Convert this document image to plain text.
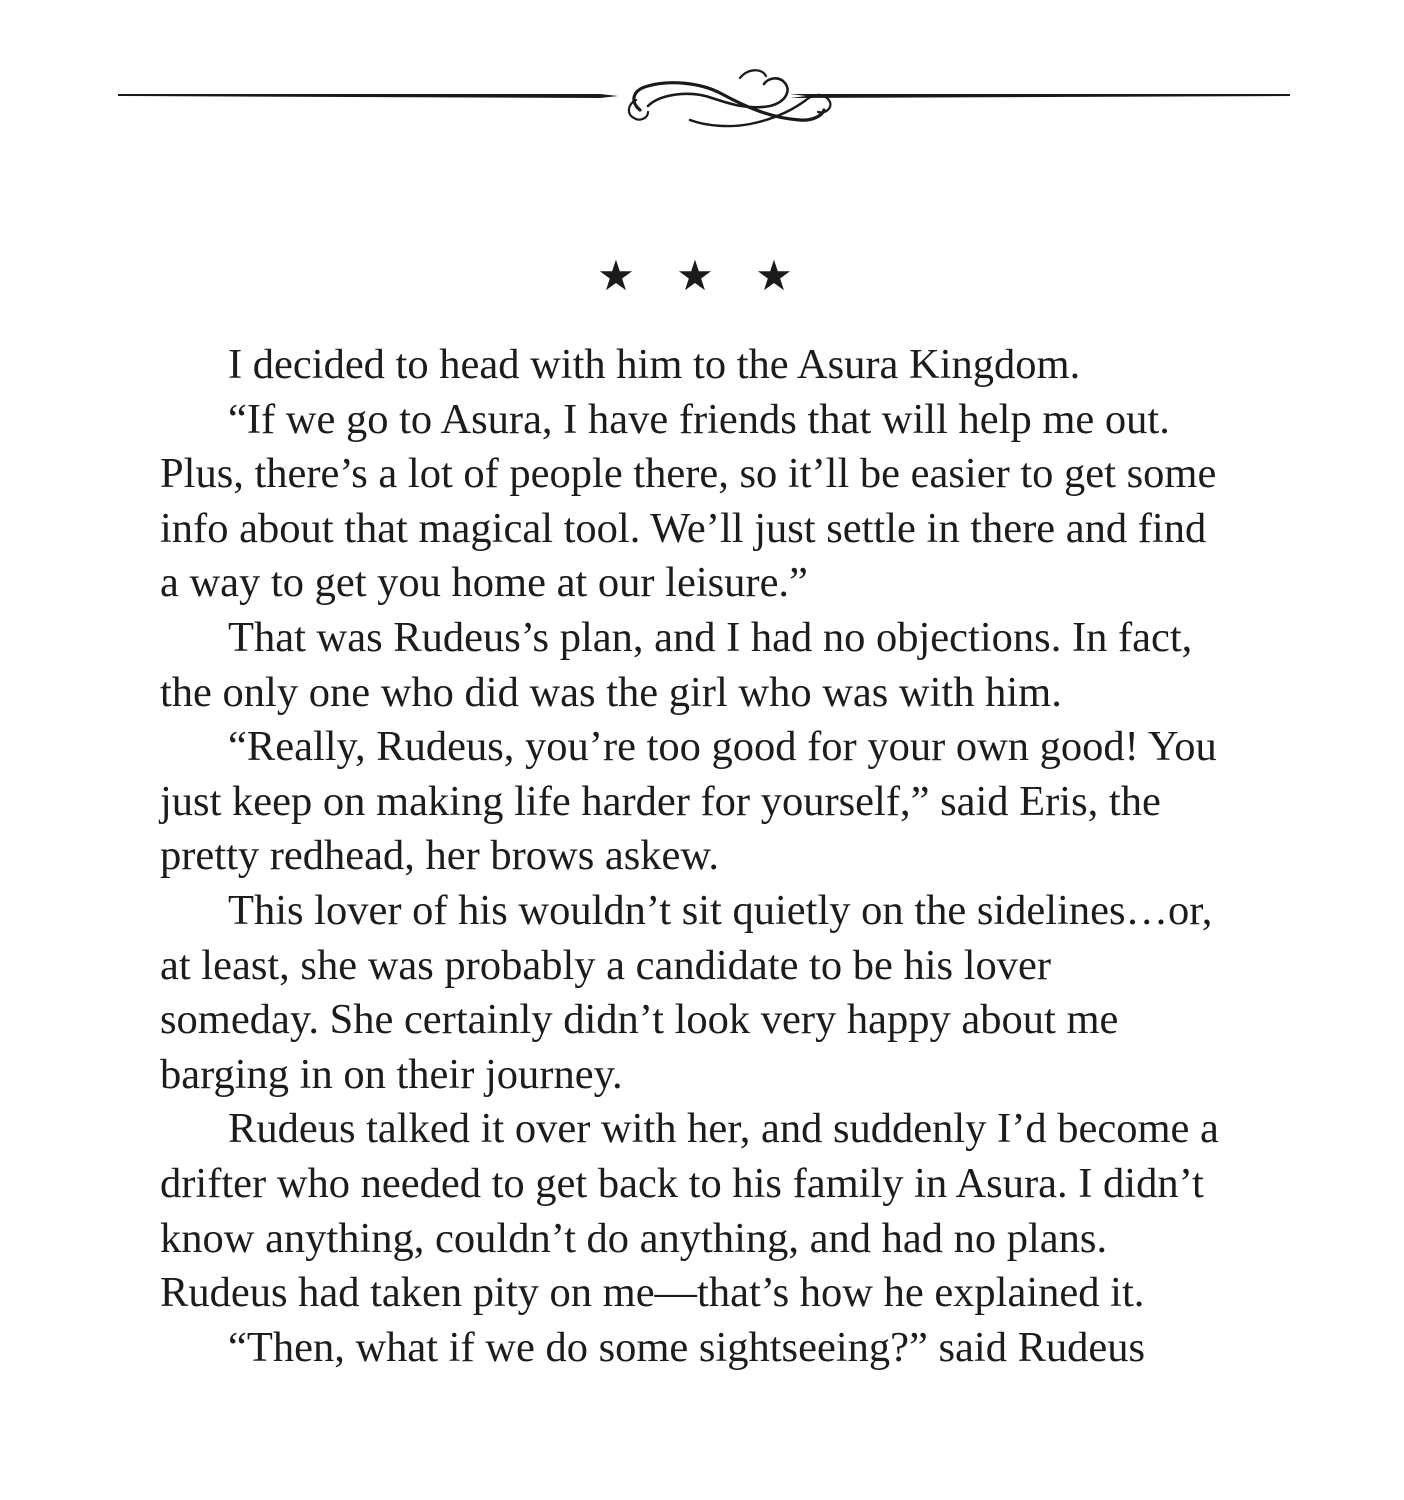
★ ★ ★

I decided to head with him to the Asura Kingdom.

“If we go to Asura, I have friends that will help me out. Plus, there’s a lot of people there, so it’ll be easier to get some info about that magical tool. We’ll just settle in there and find a way to get you home at our leisure.”

That was Rudeus’s plan, and I had no objections. In fact, the only one who did was the girl who was with him.

“Really, Rudeus, you’re too good for your own good! You just keep on making life harder for yourself,” said Eris, the pretty redhead, her brows askew.

This lover of his wouldn’t sit quietly on the sidelines…or, at least, she was probably a candidate to be his lover someday. She certainly didn’t look very happy about me barging in on their journey.

Rudeus talked it over with her, and suddenly I’d become a drifter who needed to get back to his family in Asura. I didn’t know anything, couldn’t do anything, and had no plans. Rudeus had taken pity on me—that’s how he explained it.

“Then, what if we do some sightseeing?” said Rudeus
